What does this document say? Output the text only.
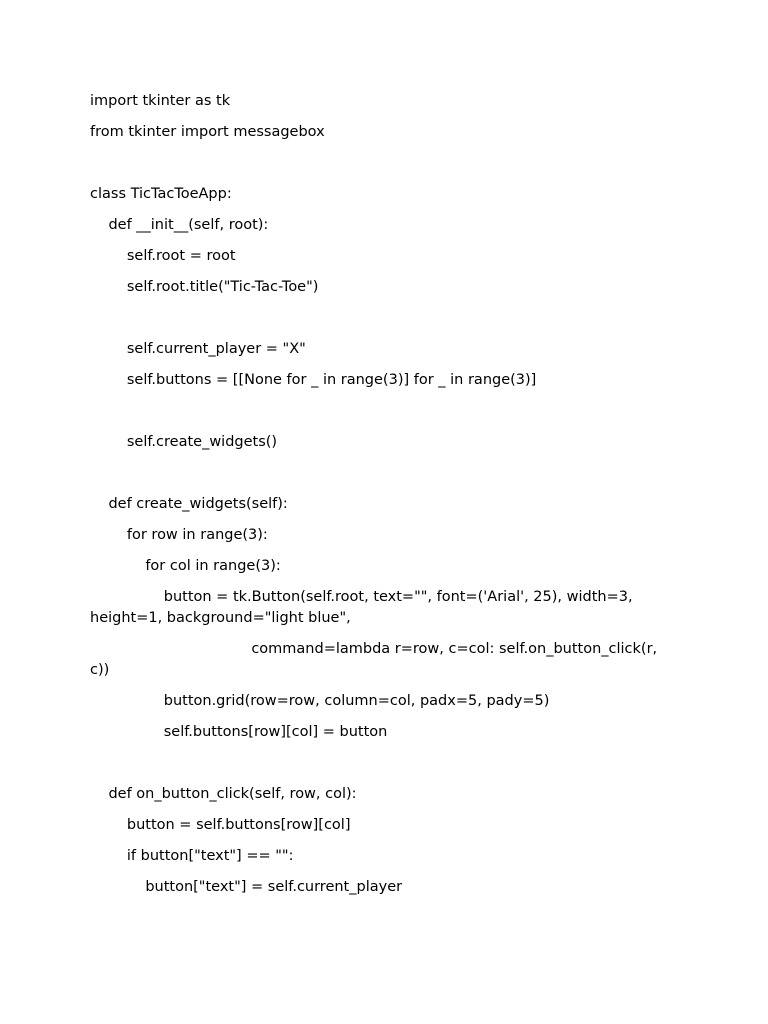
import tkinter as tk
from tkinter import messagebox
class TicTacToeApp:
def __init__(self, root):
self.root = root
self.root.title("Tic-Tac-Toe")
self.current_player = "X"
self.buttons = [[None for _ in range(3)] for _ in range(3)]
self.create_widgets()
def create_widgets(self):
for row in range(3):
for col in range(3):
button = tk.Button(self.root, text="", font=('Arial', 25), width=3, height=1, background="light blue",
command=lambda r=row, c=col: self.on_button_click(r, c))
button.grid(row=row, column=col, padx=5, pady=5)
self.buttons[row][col] = button
def on_button_click(self, row, col):
button = self.buttons[row][col]
if button["text"] == "":
button["text"] = self.current_player
